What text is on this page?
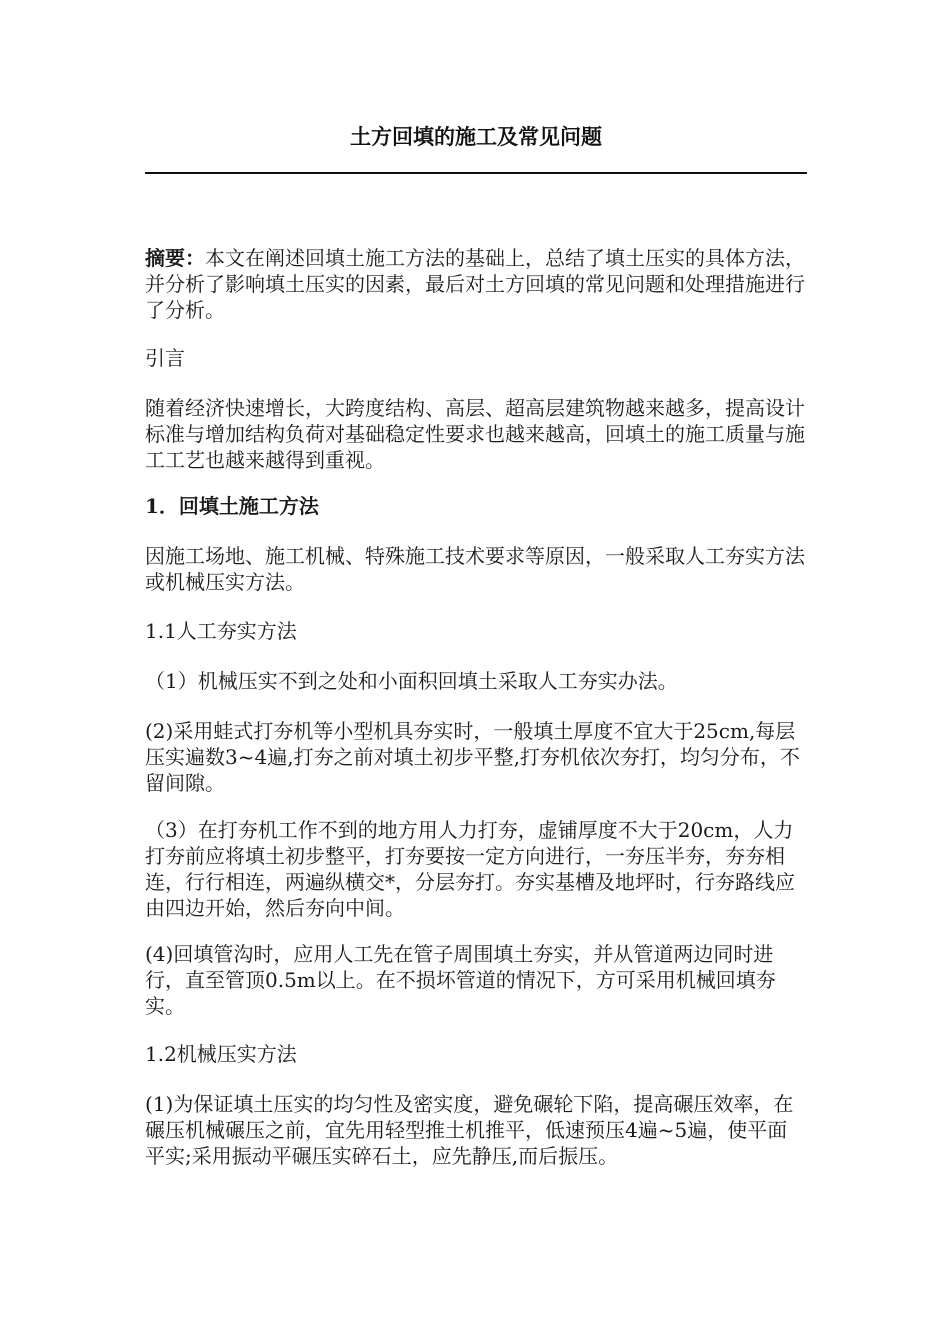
土方回填的施工及常见问题

摘要：本文在阐述回填土施工方法的基础上，总结了填土压实的具体方法，并分析了影响填土压实的因素，最后对土方回填的常见问题和处理措施进行了分析。

引言
随着经济快速增长，大跨度结构、高层、超高层建筑物越来越多，提高设计标准与增加结构负荷对基础稳定性要求也越来越高，回填土的施工质量与施工工艺也越来越得到重视。
1．回填土施工方法
因施工场地、施工机械、特殊施工技术要求等原因，一般采取人工夯实方法或机械压实方法。
1.1人工夯实方法
（1）机械压实不到之处和小面积回填土采取人工夯实办法。
(2)采用蛙式打夯机等小型机具夯实时，一般填土厚度不宜大于25cm,每层压实遍数3~4遍,打夯之前对填土初步平整,打夯机依次夯打，均匀分布，不留间隙。
（3）在打夯机工作不到的地方用人力打夯，虚铺厚度不大于20cm，人力打夯前应将填土初步整平，打夯要按一定方向进行，一夯压半夯，夯夯相连，行行相连，两遍纵横交*，分层夯打。夯实基槽及地坪时，行夯路线应由四边开始，然后夯向中间。
(4)回填管沟时，应用人工先在管子周围填土夯实，并从管道两边同时进行，直至管顶0.5m以上。在不损坏管道的情况下，方可采用机械回填夯实。
1.2机械压实方法
(1)为保证填土压实的均匀性及密实度，避免碾轮下陷，提高碾压效率，在碾压机械碾压之前，宜先用轻型推土机推平，低速预压4遍~5遍，使平面平实;采用振动平碾压实碎石土，应先静压,而后振压。
